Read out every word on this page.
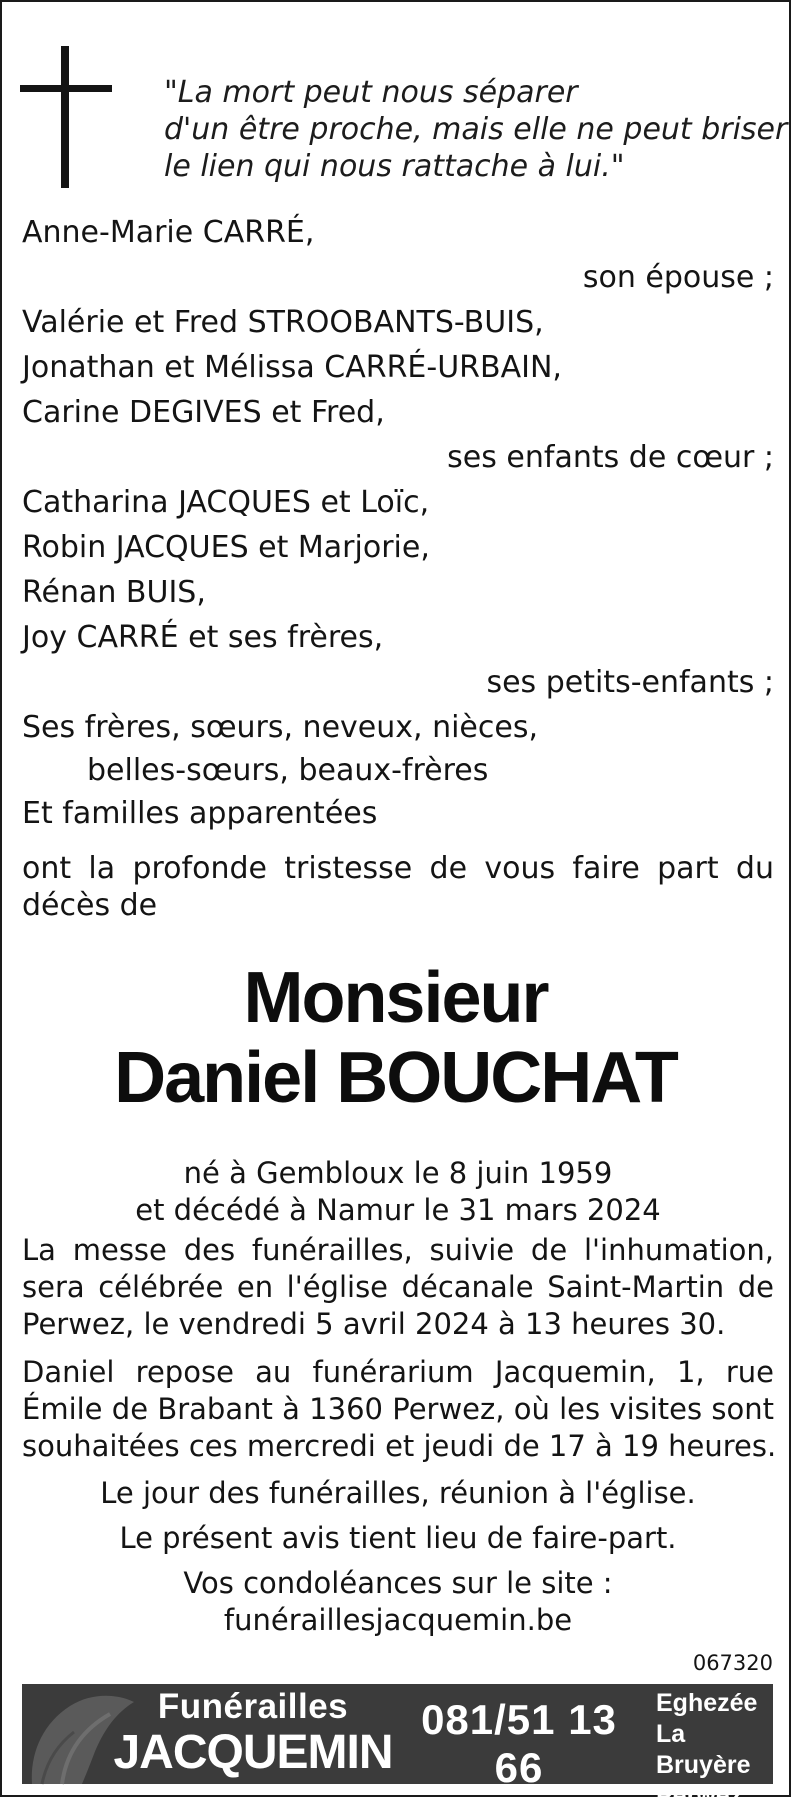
"La mort peut nous séparer
d'un être proche, mais elle ne peut briser
le lien qui nous rattache à lui."
Anne-Marie CARRÉ,
son épouse ;
Valérie et Fred STROOBANTS-BUIS,
Jonathan et Mélissa CARRÉ-URBAIN,
Carine DEGIVES et Fred,
ses enfants de cœur ;
Catharina JACQUES et Loïc,
Robin JACQUES et Marjorie,
Rénan BUIS,
Joy CARRÉ et ses frères,
ses petits-enfants ;
Ses frères, sœurs, neveux, nièces,
belles-sœurs, beaux-frères
Et familles apparentées
ont la profonde tristesse de vous faire part du
décès de
Monsieur
Daniel BOUCHAT
né à Gembloux le 8 juin 1959
et décédé à Namur le 31 mars 2024
La messe des funérailles, suivie de l'inhumation,
sera célébrée en l'église décanale Saint-Martin de
Perwez, le vendredi 5 avril 2024 à 13 heures 30.
Daniel repose au funérarium Jacquemin, 1, rue
Émile de Brabant à 1360 Perwez, où les visites sont
souhaitées ces mercredi et jeudi de 17 à 19 heures.
Le jour des funérailles, réunion à l'église.
Le présent avis tient lieu de faire-part.
Vos condoléances sur le site :
funéraillesjacquemin.be
067320
Funérailles
JACQUEMIN
081/51 13 66
www.funeraillesjacquemin.be
Eghezée
La Bruyère
Perwez
